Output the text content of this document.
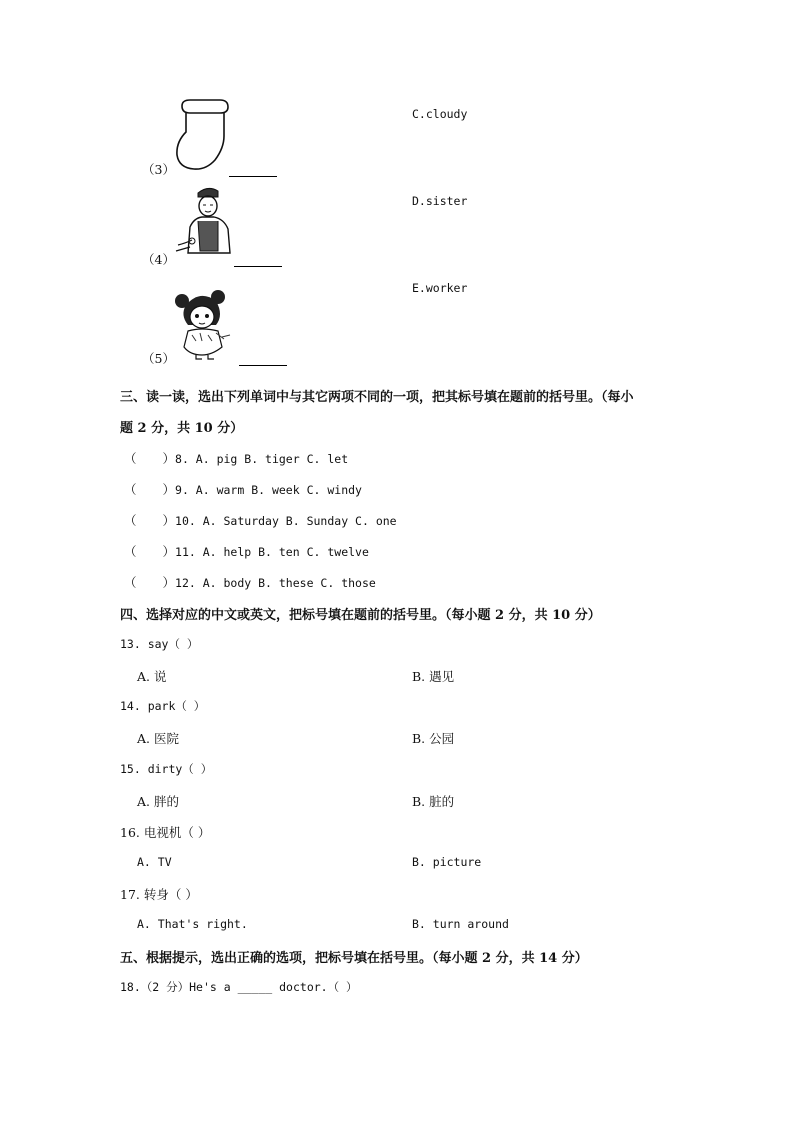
（3）
C.cloudy
（4）
D.sister
（5）
E.worker
三、读一读，选出下列单词中与其它两项不同的一项，把其标号填在题前的括号里。（每小
题 2 分，共 10 分）
（ ）8. A. pig B. tiger C. let
（ ）9. A. warm B. week C. windy
（ ）10. A. Saturday B. Sunday C. one
（ ）11. A. help B. ten C. twelve
（ ）12. A. body B. these C. those
四、选择对应的中文或英文，把标号填在题前的括号里。（每小题 2 分，共 10 分）
13. say（ ）
A. 说	B. 遇见
14. park（ ）
A. 医院	B. 公园
15. dirty（ ）
A. 胖的	B. 脏的
16. 电视机（ ）
A. TV	B. picture
17. 转身（ ）
A. That's right.	B. turn around
五、根据提示，选出正确的选项，把标号填在括号里。（每小题 2 分，共 14 分）
18.（2 分）He's a _____ doctor.（ ）
